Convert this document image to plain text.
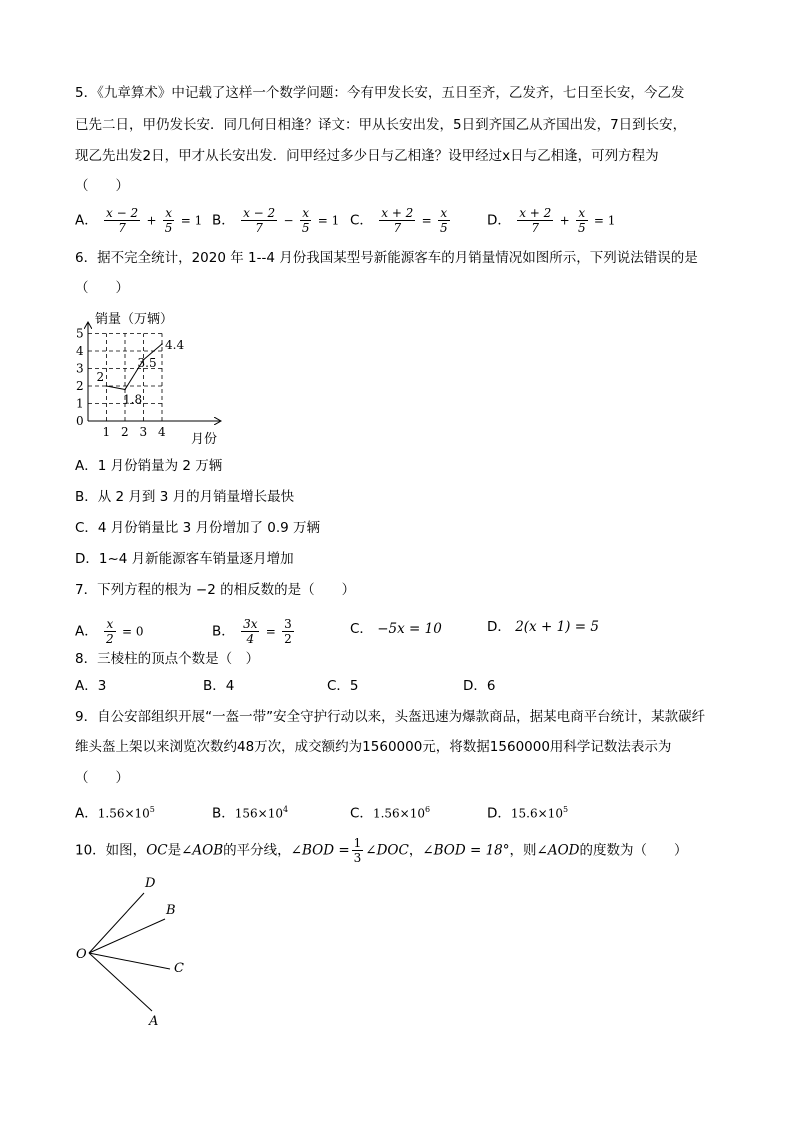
5．《九章算术》中记载了这样一个数学问题：今有甲发长安，五日至齐，乙发齐，七日至长安，今乙发
已先二日，甲仍发长安．同几何日相逢？译文：甲从长安出发，5日到齐国乙从齐国出发，7日到长安，
现乙先出发2日，甲才从长安出发．问甲经过多少日与乙相逢？设甲经过x日与乙相逢，可列方程为
（　　）
A． $\frac{x - 2}{7} + \frac{x}{5} = 1$ B． $\frac{x - 2}{7} - \frac{x}{5} = 1$ C． $\frac{x + 2}{7} = \frac{x}{5}$	D． $\frac{x + 2}{7} + \frac{x}{5} = 1$
6．据不完全统计，2020 年 1--4 月份我国某型号新能源客车的月销量情况如图所示，下列说法错误的是
（　　）
销量（万辆）
月份
0
1
2
3
4
5
1 2 3 4
2
1.8
3.5
4.4
A．1 月份销量为 2 万辆
B．从 2 月到 3 月的月销量增长最快
C．4 月份销量比 3 月份增加了 0.9 万辆
D．1~4 月新能源客车销量逐月增加
7．下列方程的根为 −2 的相反数的是（　　）
A． $\frac{x}{2} = 0$	B． $\frac{3x}{4} = \frac{3}{2}$	C． −5x = 10	D． 2(x + 1) = 5
8．三棱柱的顶点个数是（　）
A．3	B．4	C．5	D．6
9．自公安部组织开展“一盔一带”安全守护行动以来，头盔迅速为爆款商品，据某电商平台统计，某款碳纤
维头盔上架以来浏览次数约48万次，成交额约为1560000元，将数据1560000用科学记数法表示为
（　　）
A．$1.56\times 10^5$	B．$156\times 10^4$	C．$1.56\times 10^6$	D．$15.6\times 10^5$
10．如图，OC是∠AOB的平分线，∠BOD = $\frac{1}{3}$ ∠DOC，∠BOD = 18°，则∠AOD的度数为（　　）
O
D
B
C
A
